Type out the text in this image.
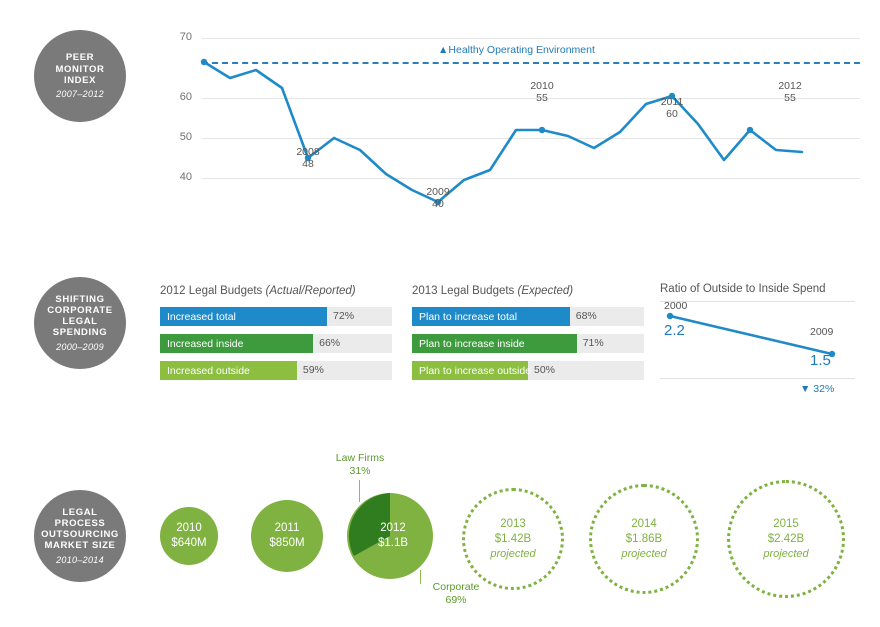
PEER
MONITOR
INDEX
2007–2012
70
60
50
40
▲Healthy Operating Environment
2008
48
2009
40
2010
55	2011
60
2012
55
SHIFTING
CORPORATE
LEGAL
SPENDING
2000–2009
2012 Legal Budgets (Actual/Reported)
Increased total	72%
Increased inside	66%
Increased outside	59%
2013 Legal Budgets (Expected)
Plan to increase total	68%
Plan to increase inside	71%
Plan to increase outside 50%
Ratio of Outside to Inside Spend
2000
2.2	2009
1.5
▼ 32%
LEGAL
PROCESS
OUTSOURCING
MARKET SIZE
2010–2014
2010
$640M
2011
$850M
2012
$1.1B
Law Firms
31%
Corporate
69%
2013
$1.42B
projected
2014
$1.86B
projected
2015
$2.42B
projected
